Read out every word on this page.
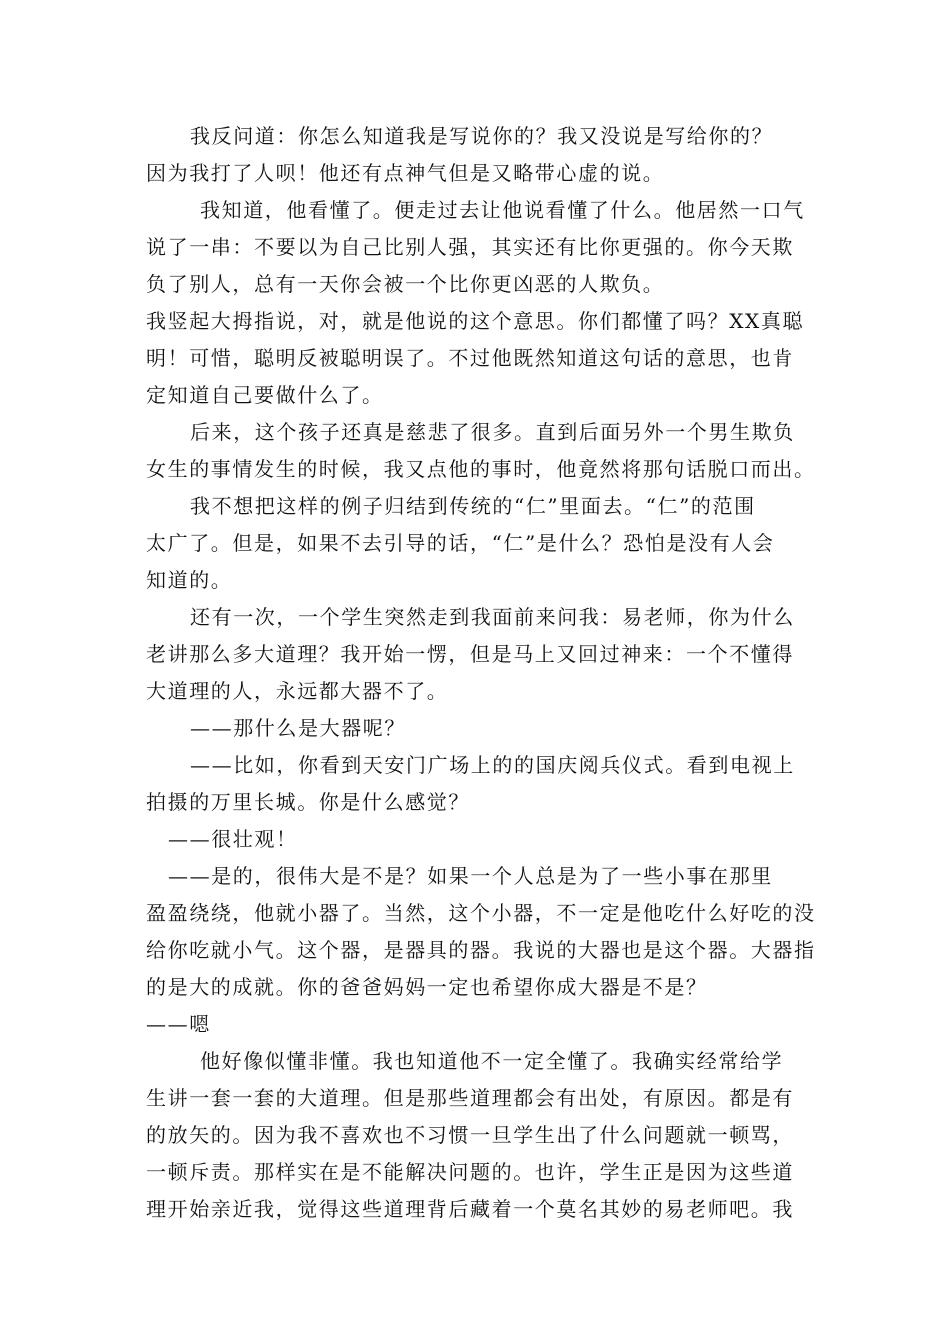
我反问道：你怎么知道我是写说你的？我又没说是写给你的？
因为我打了人呗！他还有点神气但是又略带心虚的说。
我知道，他看懂了。便走过去让他说看懂了什么。他居然一口气
说了一串：不要以为自己比别人强，其实还有比你更强的。你今天欺
负了别人，总有一天你会被一个比你更凶恶的人欺负。
我竖起大拇指说，对，就是他说的这个意思。你们都懂了吗？XX真聪
明！可惜，聪明反被聪明误了。不过他既然知道这句话的意思，也肯
定知道自己要做什么了。
后来，这个孩子还真是慈悲了很多。直到后面另外一个男生欺负
女生的事情发生的时候，我又点他的事时，他竟然将那句话脱口而出。
我不想把这样的例子归结到传统的“仁”里面去。“仁”的范围
太广了。但是，如果不去引导的话，“仁”是什么？恐怕是没有人会
知道的。
还有一次，一个学生突然走到我面前来问我：易老师，你为什么
老讲那么多大道理？我开始一愣，但是马上又回过神来：一个不懂得
大道理的人，永远都大器不了。
——那什么是大器呢？
——比如，你看到天安门广场上的的国庆阅兵仪式。看到电视上
拍摄的万里长城。你是什么感觉？
——很壮观！
——是的，很伟大是不是？如果一个人总是为了一些小事在那里
盈盈绕绕，他就小器了。当然，这个小器，不一定是他吃什么好吃的没
给你吃就小气。这个器，是器具的器。我说的大器也是这个器。大器指
的是大的成就。你的爸爸妈妈一定也希望你成大器是不是？
——嗯
他好像似懂非懂。我也知道他不一定全懂了。我确实经常给学
生讲一套一套的大道理。但是那些道理都会有出处，有原因。都是有
的放矢的。因为我不喜欢也不习惯一旦学生出了什么问题就一顿骂，
一顿斥责。那样实在是不能解决问题的。也许，学生正是因为这些道
理开始亲近我，觉得这些道理背后藏着一个莫名其妙的易老师吧。我
